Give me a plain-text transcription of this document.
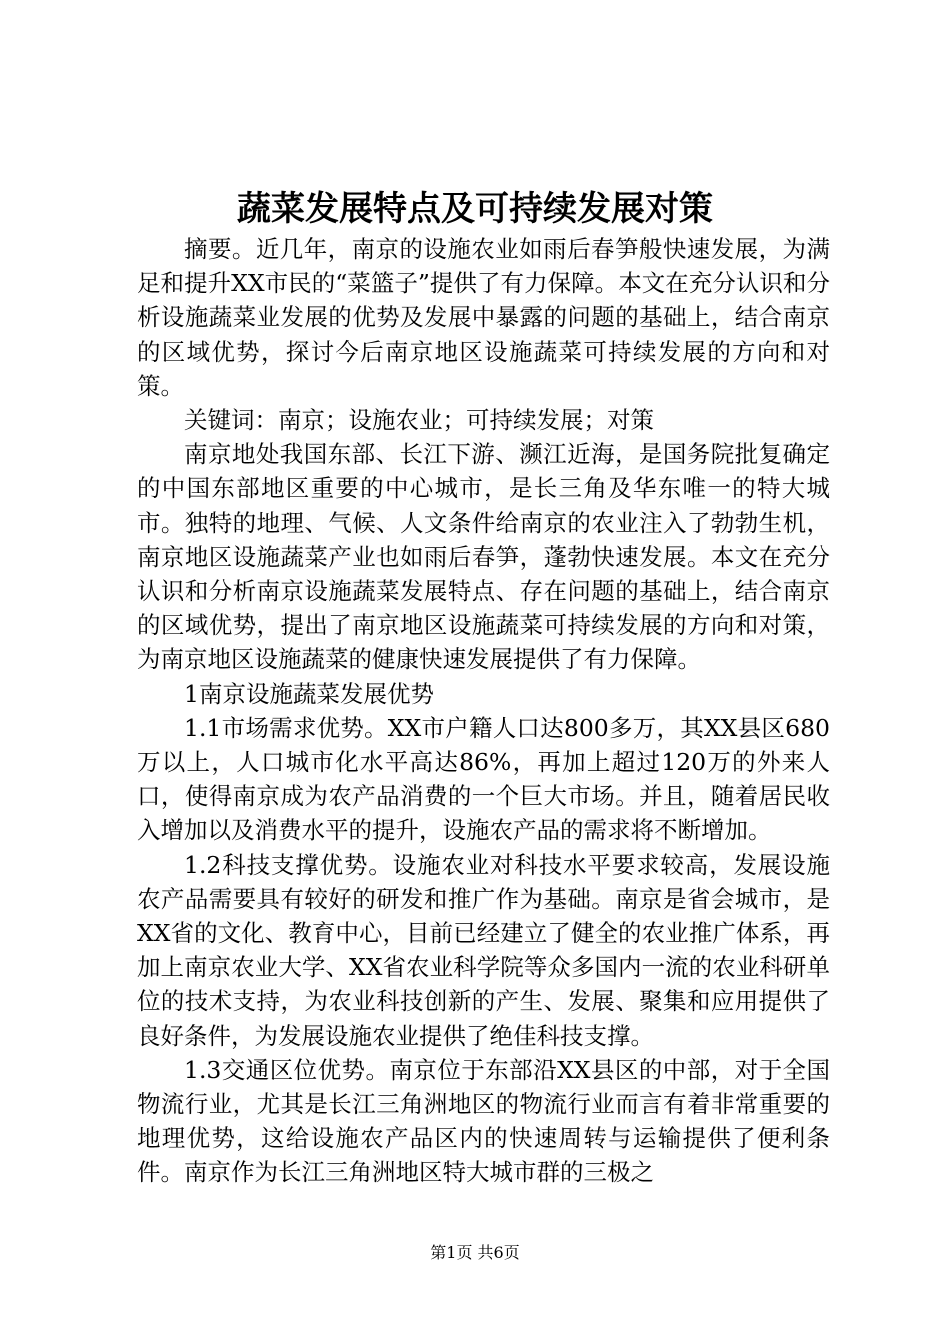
蔬菜发展特点及可持续发展对策

摘要。近几年，南京的设施农业如雨后春笋般快速发展，为满足和提升XX市民的“菜篮子”提供了有力保障。本文在充分认识和分析设施蔬菜业发展的优势及发展中暴露的问题的基础上，结合南京的区域优势，探讨今后南京地区设施蔬菜可持续发展的方向和对策。

关键词：南京；设施农业；可持续发展；对策

南京地处我国东部、长江下游、濒江近海，是国务院批复确定的中国东部地区重要的中心城市，是长三角及华东唯一的特大城市。独特的地理、气候、人文条件给南京的农业注入了勃勃生机，南京地区设施蔬菜产业也如雨后春笋，蓬勃快速发展。本文在充分认识和分析南京设施蔬菜发展特点、存在问题的基础上，结合南京的区域优势，提出了南京地区设施蔬菜可持续发展的方向和对策，为南京地区设施蔬菜的健康快速发展提供了有力保障。

1南京设施蔬菜发展优势

1.1市场需求优势。XX市户籍人口达800多万，其XX县区680万以上，人口城市化水平高达86%，再加上超过120万的外来人口，使得南京成为农产品消费的一个巨大市场。并且，随着居民收入增加以及消费水平的提升，设施农产品的需求将不断增加。

1.2科技支撑优势。设施农业对科技水平要求较高，发展设施农产品需要具有较好的研发和推广作为基础。南京是省会城市，是XX省的文化、教育中心，目前已经建立了健全的农业推广体系，再加上南京农业大学、XX省农业科学院等众多国内一流的农业科研单位的技术支持，为农业科技创新的产生、发展、聚集和应用提供了良好条件，为发展设施农业提供了绝佳科技支撑。

1.3交通区位优势。南京位于东部沿XX县区的中部，对于全国物流行业，尤其是长江三角洲地区的物流行业而言有着非常重要的地理优势，这给设施农产品区内的快速周转与运输提供了便利条件。南京作为长江三角洲地区特大城市群的三极之

第1页 共6页
